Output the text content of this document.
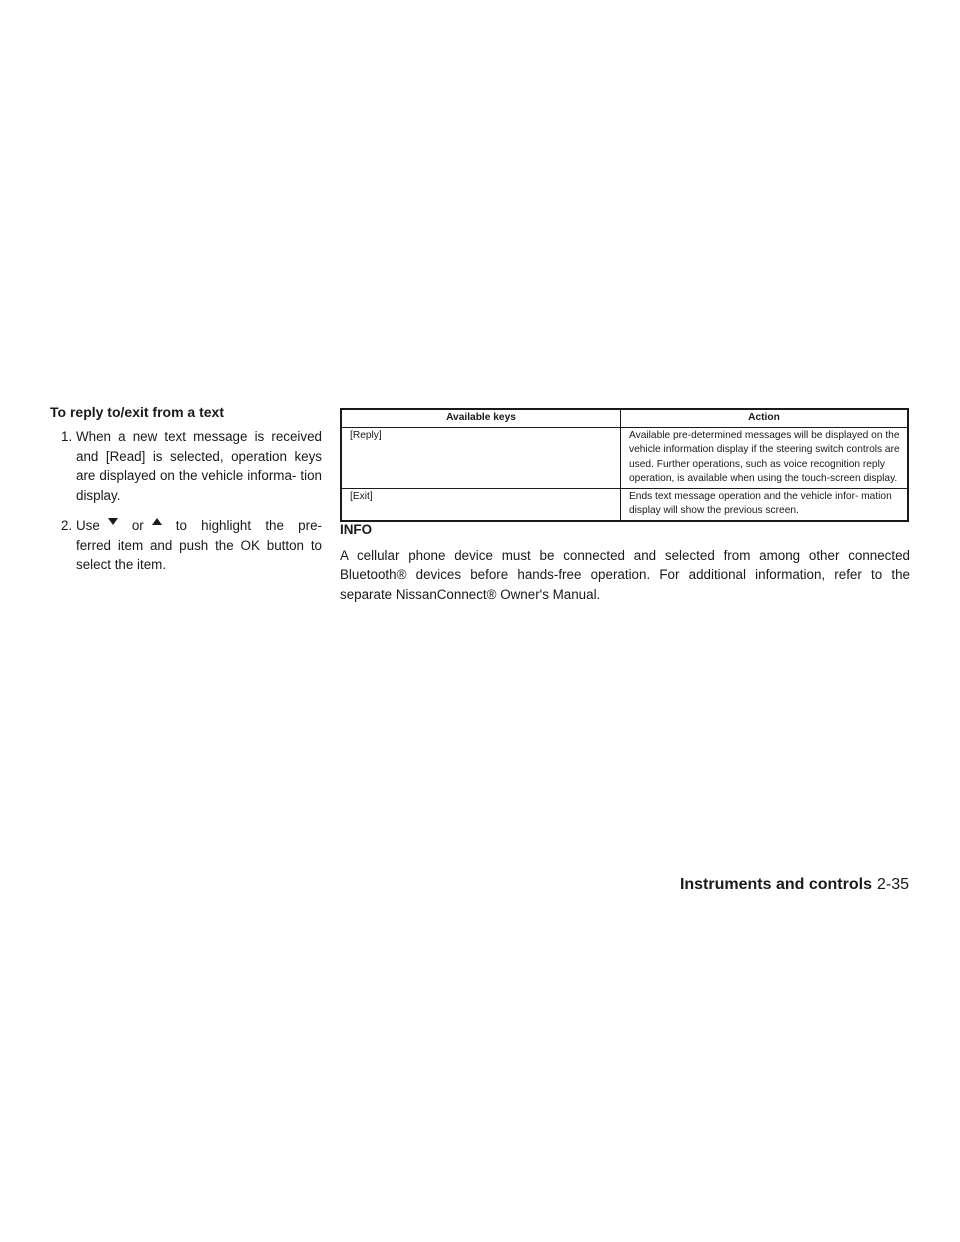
To reply to/exit from a text
1. When a new text message is received and [Read] is selected, operation keys are displayed on the vehicle informa- tion display.
2. Use or to highlight the pre- ferred item and push the OK button to select the item.
Available keys	Action
[Reply]	Available pre-determined messages will be displayed on the vehicle information display if the steering switch controls are used. Further operations, such as voice recognition reply operation, is available when using the touch-screen display.
[Exit]	Ends text message operation and the vehicle infor- mation display will show the previous screen.
INFO

A cellular phone device must be connected and selected from among other connected Bluetooth® devices before hands-free operation. For additional information, refer to the separate NissanConnect® Owner's Manual.

Instruments and controls 2-35
